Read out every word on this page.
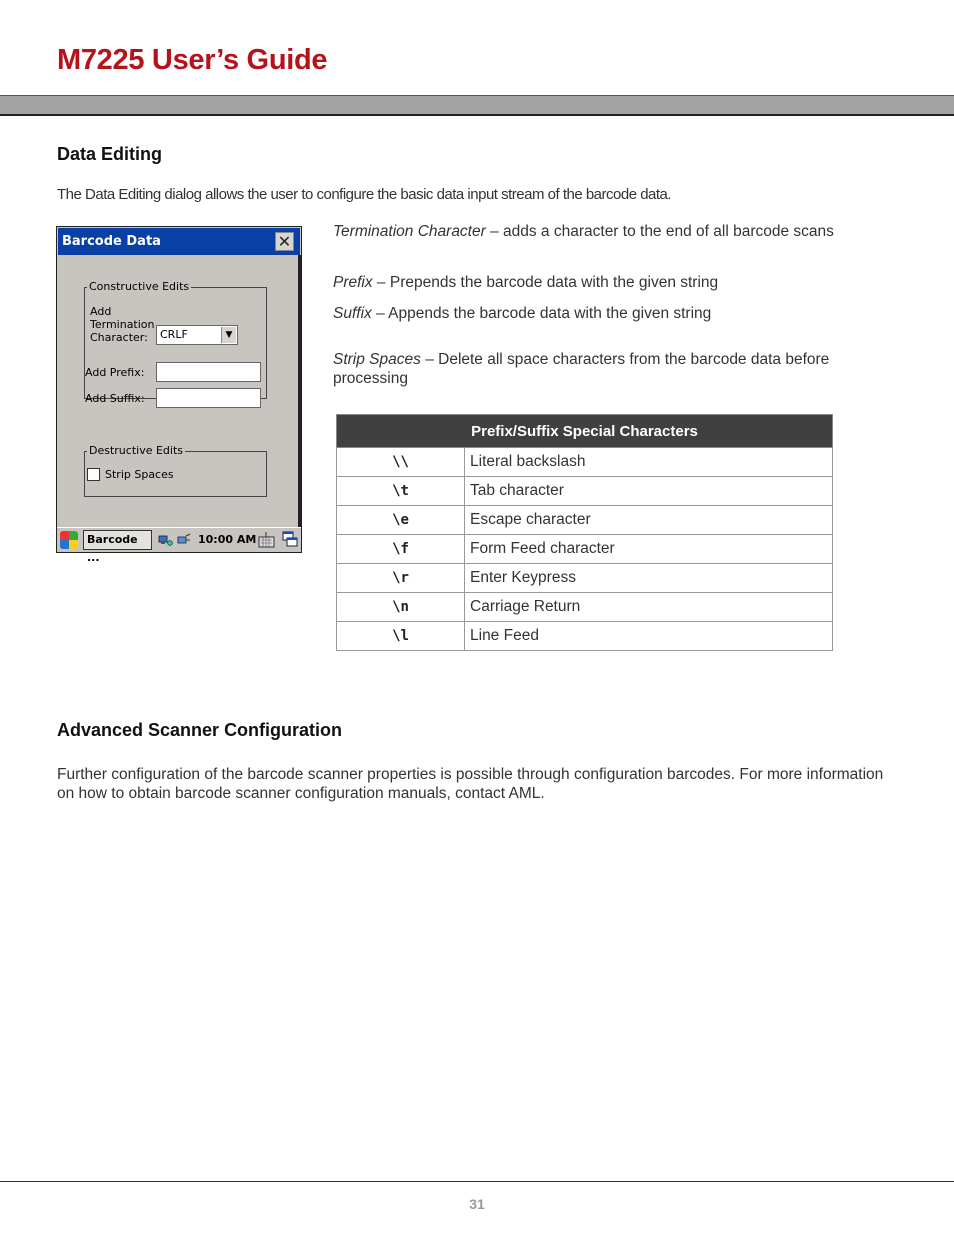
M7225 User’s Guide
Data Editing

The Data Editing dialog allows the user to configure the basic data input stream of the barcode data.

Barcode Data	✕
Constructive Edits
Add
Termination
Character:	CRLF	▼
Add Prefix:
Add Suffix:
Destructive Edits
Strip Spaces
Barcode ...
10:00 AM

Termination Character – adds a character to the end of all barcode scans

Prefix – Prepends the barcode data with the given string

Suffix – Appends the barcode data with the given string

Strip Spaces – Delete all space characters from the barcode data before processing

Prefix/Suffix Special Characters	
\\	Literal backslash
\t	Tab character
\e	Escape character
\f	Form Feed character
\r	Enter Keypress
\n	Carriage Return
\l	Line Feed
Advanced Scanner Configuration

Further configuration of the barcode scanner properties is possible through configuration barcodes. For more information on how to obtain barcode scanner configuration manuals, contact AML.

31
